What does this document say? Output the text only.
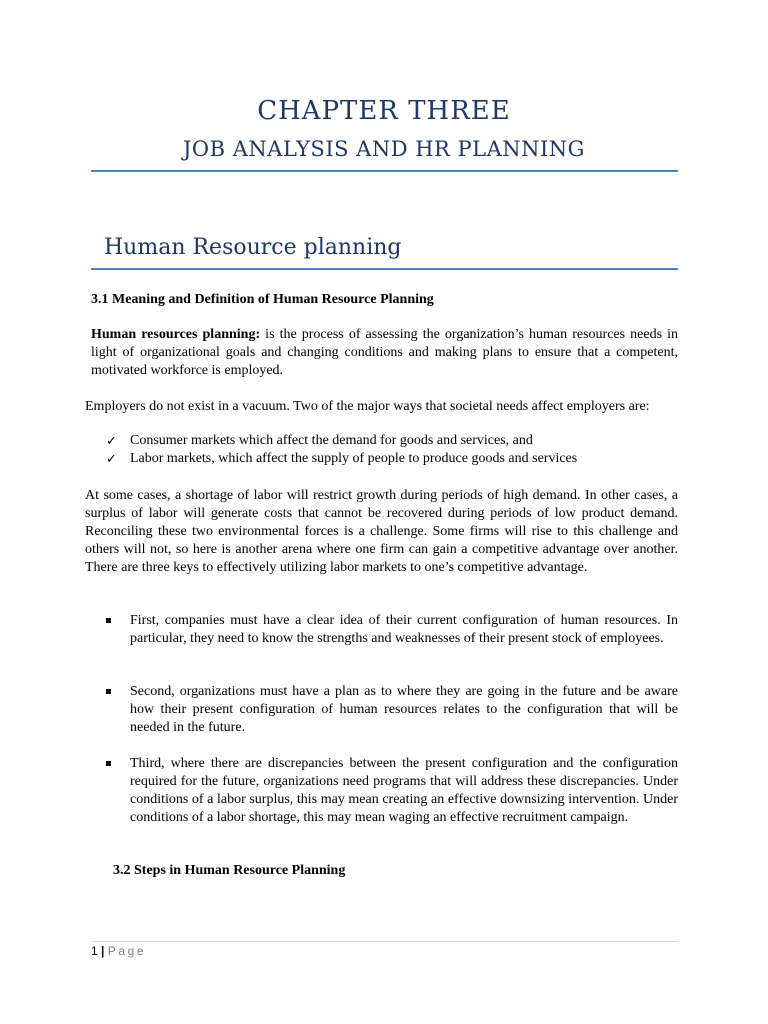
CHAPTER THREE
JOB ANALYSIS AND HR PLANNING
Human Resource planning
3.1 Meaning and Definition of Human Resource Planning

Human resources planning: is the process of assessing the organization’s human resources needs in light of organizational goals and changing conditions and making plans to ensure that a competent, motivated workforce is employed.

Employers do not exist in a vacuum. Two of the major ways that societal needs affect employers are:

✓ Consumer markets which affect the demand for goods and services, and
✓ Labor markets, which affect the supply of people to produce goods and services

At some cases, a shortage of labor will restrict growth during periods of high demand. In other cases, a surplus of labor will generate costs that cannot be recovered during periods of low product demand. Reconciling these two environmental forces is a challenge. Some firms will rise to this challenge and others will not, so here is another arena where one firm can gain a competitive advantage over another. There are three keys to effectively utilizing labor markets to one’s competitive advantage.

First, companies must have a clear idea of their current configuration of human resources. In particular, they need to know the strengths and weaknesses of their present stock of employees.
Second, organizations must have a plan as to where they are going in the future and be aware how their present configuration of human resources relates to the configuration that will be needed in the future.
Third, where there are discrepancies between the present configuration and the configuration required for the future, organizations need programs that will address these discrepancies. Under conditions of a labor surplus, this may mean creating an effective downsizing intervention. Under conditions of a labor shortage, this may mean waging an effective recruitment campaign.
3.2 Steps in Human Resource Planning
1 | Page
